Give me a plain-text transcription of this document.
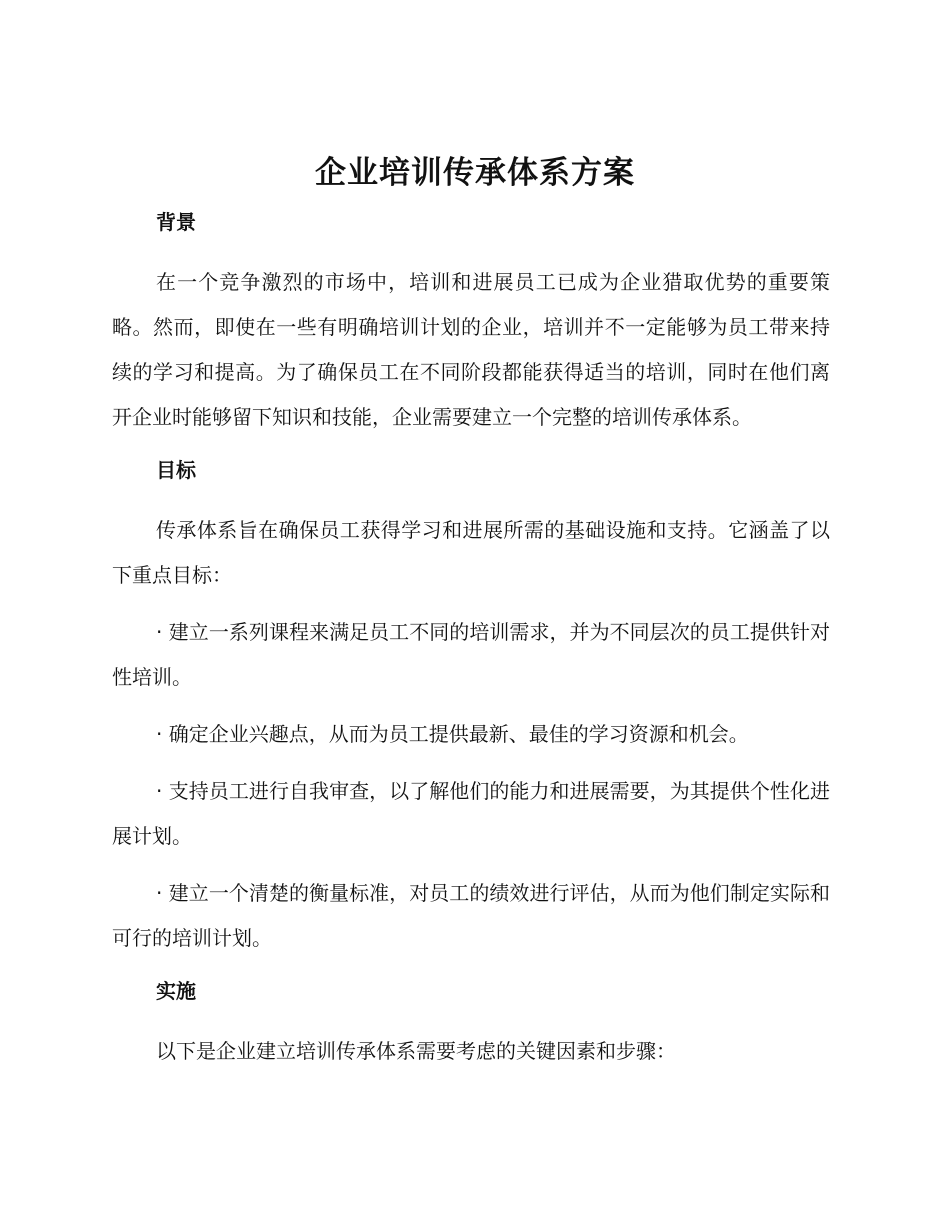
企业培训传承体系方案
背景

在一个竞争激烈的市场中，培训和进展员工已成为企业猎取优势的重要策略。然而，即使在一些有明确培训计划的企业，培训并不一定能够为员工带来持续的学习和提高。为了确保员工在不同阶段都能获得适当的培训，同时在他们离开企业时能够留下知识和技能，企业需要建立一个完整的培训传承体系。

目标

传承体系旨在确保员工获得学习和进展所需的基础设施和支持。它涵盖了以下重点目标：

· 建立一系列课程来满足员工不同的培训需求，并为不同层次的员工提供针对性培训。

· 确定企业兴趣点，从而为员工提供最新、最佳的学习资源和机会。

· 支持员工进行自我审查，以了解他们的能力和进展需要，为其提供个性化进展计划。

· 建立一个清楚的衡量标准，对员工的绩效进行评估，从而为他们制定实际和可行的培训计划。

实施

以下是企业建立培训传承体系需要考虑的关键因素和步骤：
